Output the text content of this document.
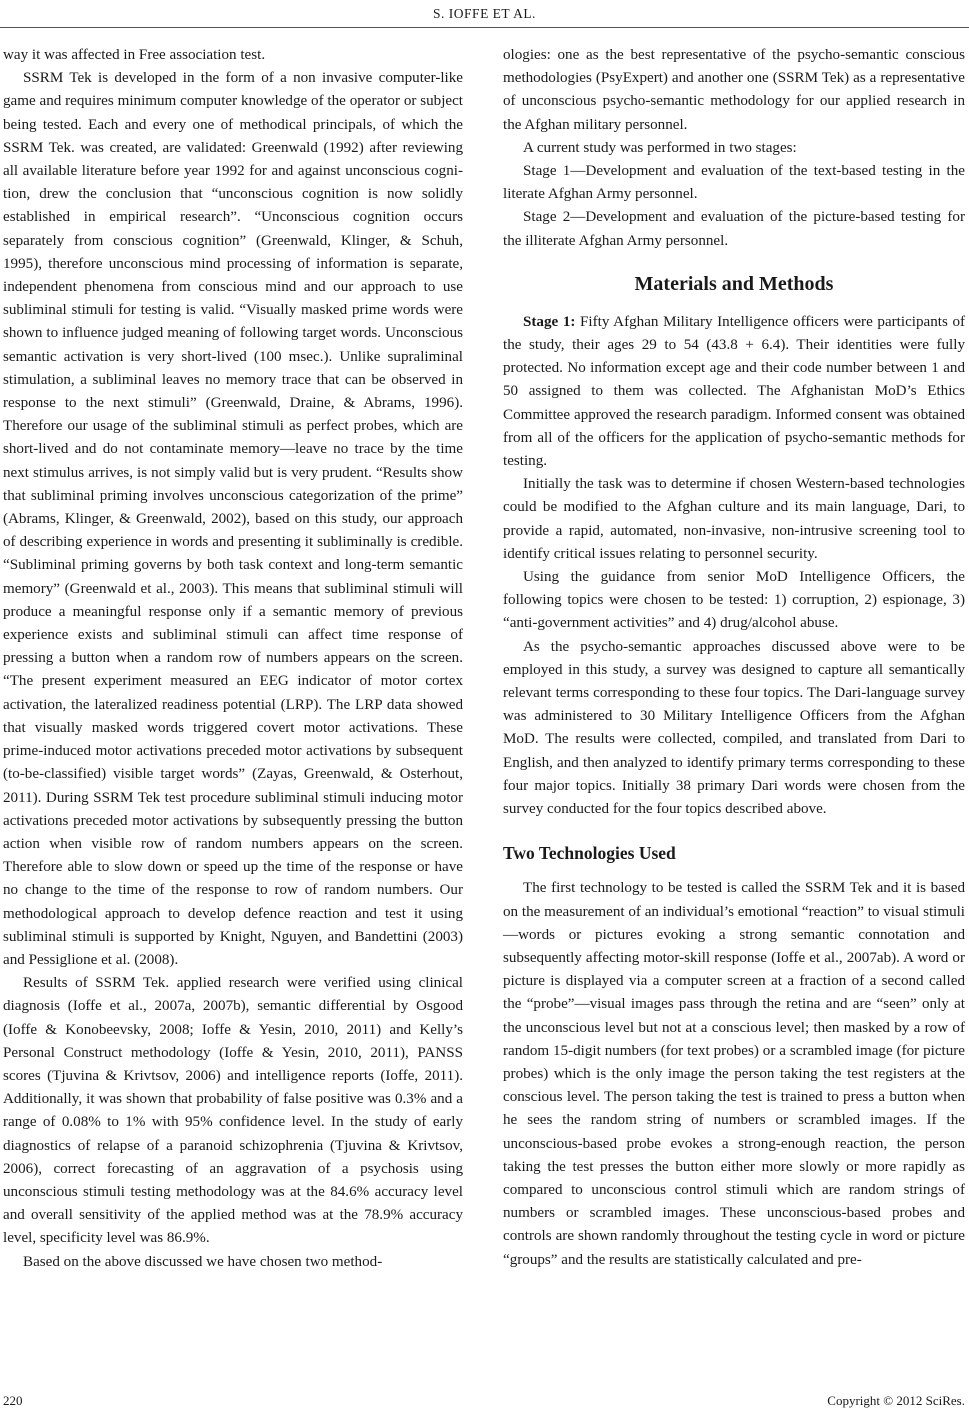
S. IOFFE ET AL.

way it was affected in Free association test.

SSRM Tek is developed in the form of a non invasive computer-like game and requires minimum computer knowledge of the operator or subject being tested. Each and every one of methodical principals, of which the SSRM Tek. was created, are validated: Greenwald (1992) after reviewing all available literature before year 1992 for and against unconscious cognition, drew the conclusion that “unconscious cognition is now solidly established in empirical research”. “Unconscious cognition occurs separately from conscious cognition” (Greenwald, Klinger, & Schuh, 1995), therefore unconscious mind processing of information is separate, independent phenomena from conscious mind and our approach to use subliminal stimuli for testing is valid. “Visually masked prime words were shown to influence judged meaning of following target words. Unconscious semantic activation is very short-lived (100 msec.). Unlike supraliminal stimulation, a subliminal leaves no memory trace that can be observed in response to the next stimuli” (Greenwald, Draine, & Abrams, 1996). Therefore our usage of the subliminal stimuli as perfect probes, which are short-lived and do not contaminate memory—leave no trace by the time next stimulus arrives, is not simply valid but is very prudent. “Results show that subliminal priming involves unconscious categorization of the prime” (Abrams, Klinger, & Greenwald, 2002), based on this study, our approach of describing experience in words and presenting it subliminally is credible. “Subliminal priming governs by both task context and long-term semantic memory” (Greenwald et al., 2003). This means that subliminal stimuli will produce a meaningful response only if a semantic memory of previous experience exists and subliminal stimuli can affect time response of pressing a button when a random row of numbers appears on the screen. “The present experiment measured an EEG indicator of motor cortex activation, the lateralized readiness potential (LRP). The LRP data showed that visually masked words triggered covert motor activations. These prime-induced motor activations preceded motor activations by subsequent (to-be-classified) visible target words” (Zayas, Greenwald, & Osterhout, 2011). During SSRM Tek test procedure subliminal stimuli inducing motor activations preceded motor activations by subsequently pressing the button action when visible row of random numbers appears on the screen. Therefore able to slow down or speed up the time of the response or have no change to the time of the response to row of random numbers. Our methodological approach to develop defence reaction and test it using subliminal stimuli is supported by Knight, Nguyen, and Bandettini (2003) and Pessiglione et al. (2008).

Results of SSRM Tek. applied research were verified using clinical diagnosis (Ioffe et al., 2007a, 2007b), semantic differential by Osgood (Ioffe & Konobeevsky, 2008; Ioffe & Yesin, 2010, 2011) and Kelly’s Personal Construct methodology (Ioffe & Yesin, 2010, 2011), PANSS scores (Tjuvina & Krivtsov, 2006) and intelligence reports (Ioffe, 2011). Additionally, it was shown that probability of false positive was 0.3% and a range of 0.08% to 1% with 95% confidence level. In the study of early diagnostics of relapse of a paranoid schizophrenia (Tjuvina & Krivtsov, 2006), correct forecasting of an aggravation of a psychosis using unconscious stimuli testing methodology was at the 84.6% accuracy level and overall sensitivity of the applied method was at the 78.9% accuracy level, specificity level was 86.9%.

Based on the above discussed we have chosen two method-

ologies: one as the best representative of the psycho-semantic conscious methodologies (PsyExpert) and another one (SSRM Tek) as a representative of unconscious psycho-semantic methodology for our applied research in the Afghan military personnel.

A current study was performed in two stages:

Stage 1—Development and evaluation of the text-based testing in the literate Afghan Army personnel.

Stage 2—Development and evaluation of the picture-based testing for the illiterate Afghan Army personnel.

Materials and Methods

Stage 1: Fifty Afghan Military Intelligence officers were participants of the study, their ages 29 to 54 (43.8 + 6.4). Their identities were fully protected. No information except age and their code number between 1 and 50 assigned to them was collected. The Afghanistan MoD’s Ethics Committee approved the research paradigm. Informed consent was obtained from all of the officers for the application of psycho-semantic methods for testing.

Initially the task was to determine if chosen Western-based technologies could be modified to the Afghan culture and its main language, Dari, to provide a rapid, automated, non-invasive, non-intrusive screening tool to identify critical issues relating to personnel security.

Using the guidance from senior MoD Intelligence Officers, the following topics were chosen to be tested: 1) corruption, 2) espionage, 3) “anti-government activities” and 4) drug/alcohol abuse.

As the psycho-semantic approaches discussed above were to be employed in this study, a survey was designed to capture all semantically relevant terms corresponding to these four topics. The Dari-language survey was administered to 30 Military Intelligence Officers from the Afghan MoD. The results were collected, compiled, and translated from Dari to English, and then analyzed to identify primary terms corresponding to these four major topics. Initially 38 primary Dari words were chosen from the survey conducted for the four topics described above.

Two Technologies Used

The first technology to be tested is called the SSRM Tek and it is based on the measurement of an individual’s emotional “reaction” to visual stimuli—words or pictures evoking a strong semantic connotation and subsequently affecting motor-skill response (Ioffe et al., 2007ab). A word or picture is displayed via a computer screen at a fraction of a second called the “probe”—visual images pass through the retina and are “seen” only at the unconscious level but not at a conscious level; then masked by a row of random 15-digit numbers (for text probes) or a scrambled image (for picture probes) which is the only image the person taking the test registers at the conscious level. The person taking the test is trained to press a button when he sees the random string of numbers or scrambled images. If the unconscious-based probe evokes a strong-enough reaction, the person taking the test presses the button either more slowly or more rapidly as compared to unconscious control stimuli which are random strings of numbers or scrambled images. These unconscious-based probes and controls are shown randomly throughout the testing cycle in word or picture “groups” and the results are statistically calculated and pre-

220	Copyright © 2012 SciRes.
